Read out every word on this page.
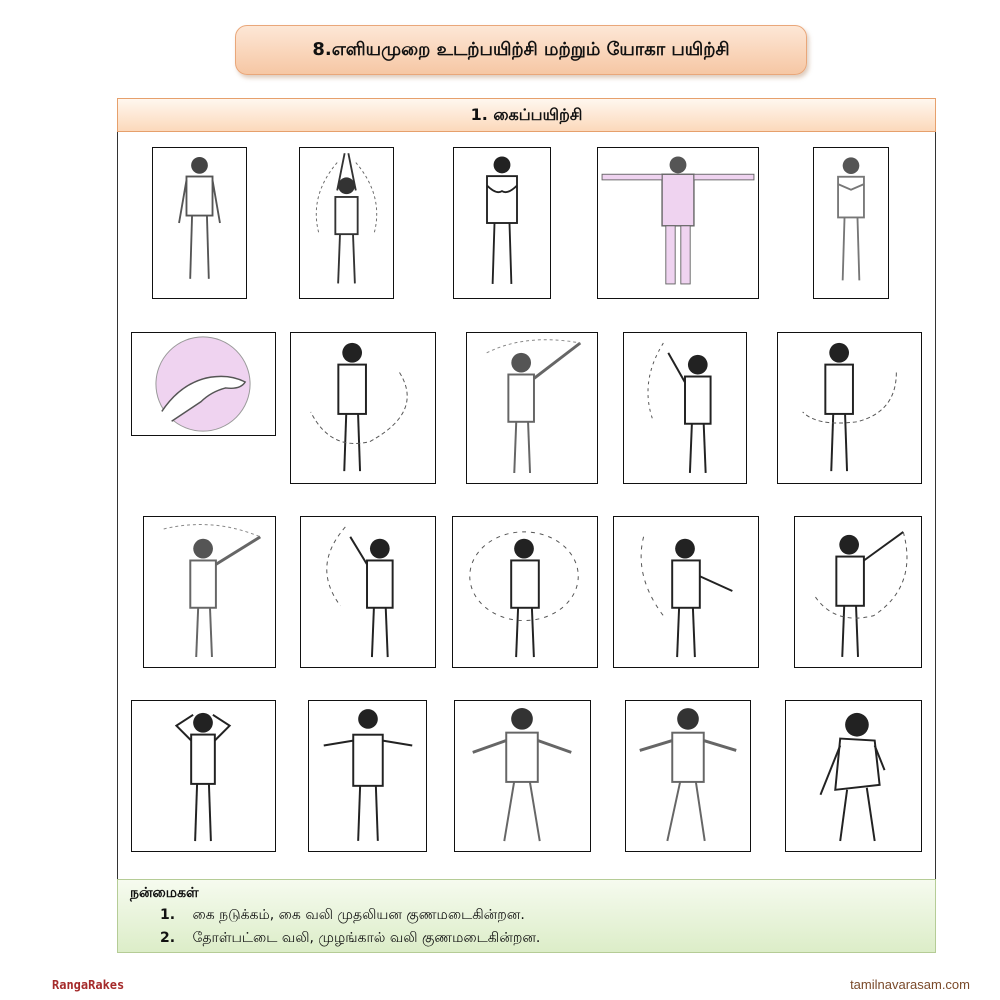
8.எளியமுறை உடற்பயிற்சி மற்றும் யோகா பயிற்சி
1. கைப்பயிற்சி
நன்மைகள்
1. கை நடுக்கம், கை வலி முதலியன குணமடைகின்றன.
2. தோள்பட்டை வலி, முழங்கால் வலி குணமடைகின்றன.
RangaRakes	tamilnavarasam.com
